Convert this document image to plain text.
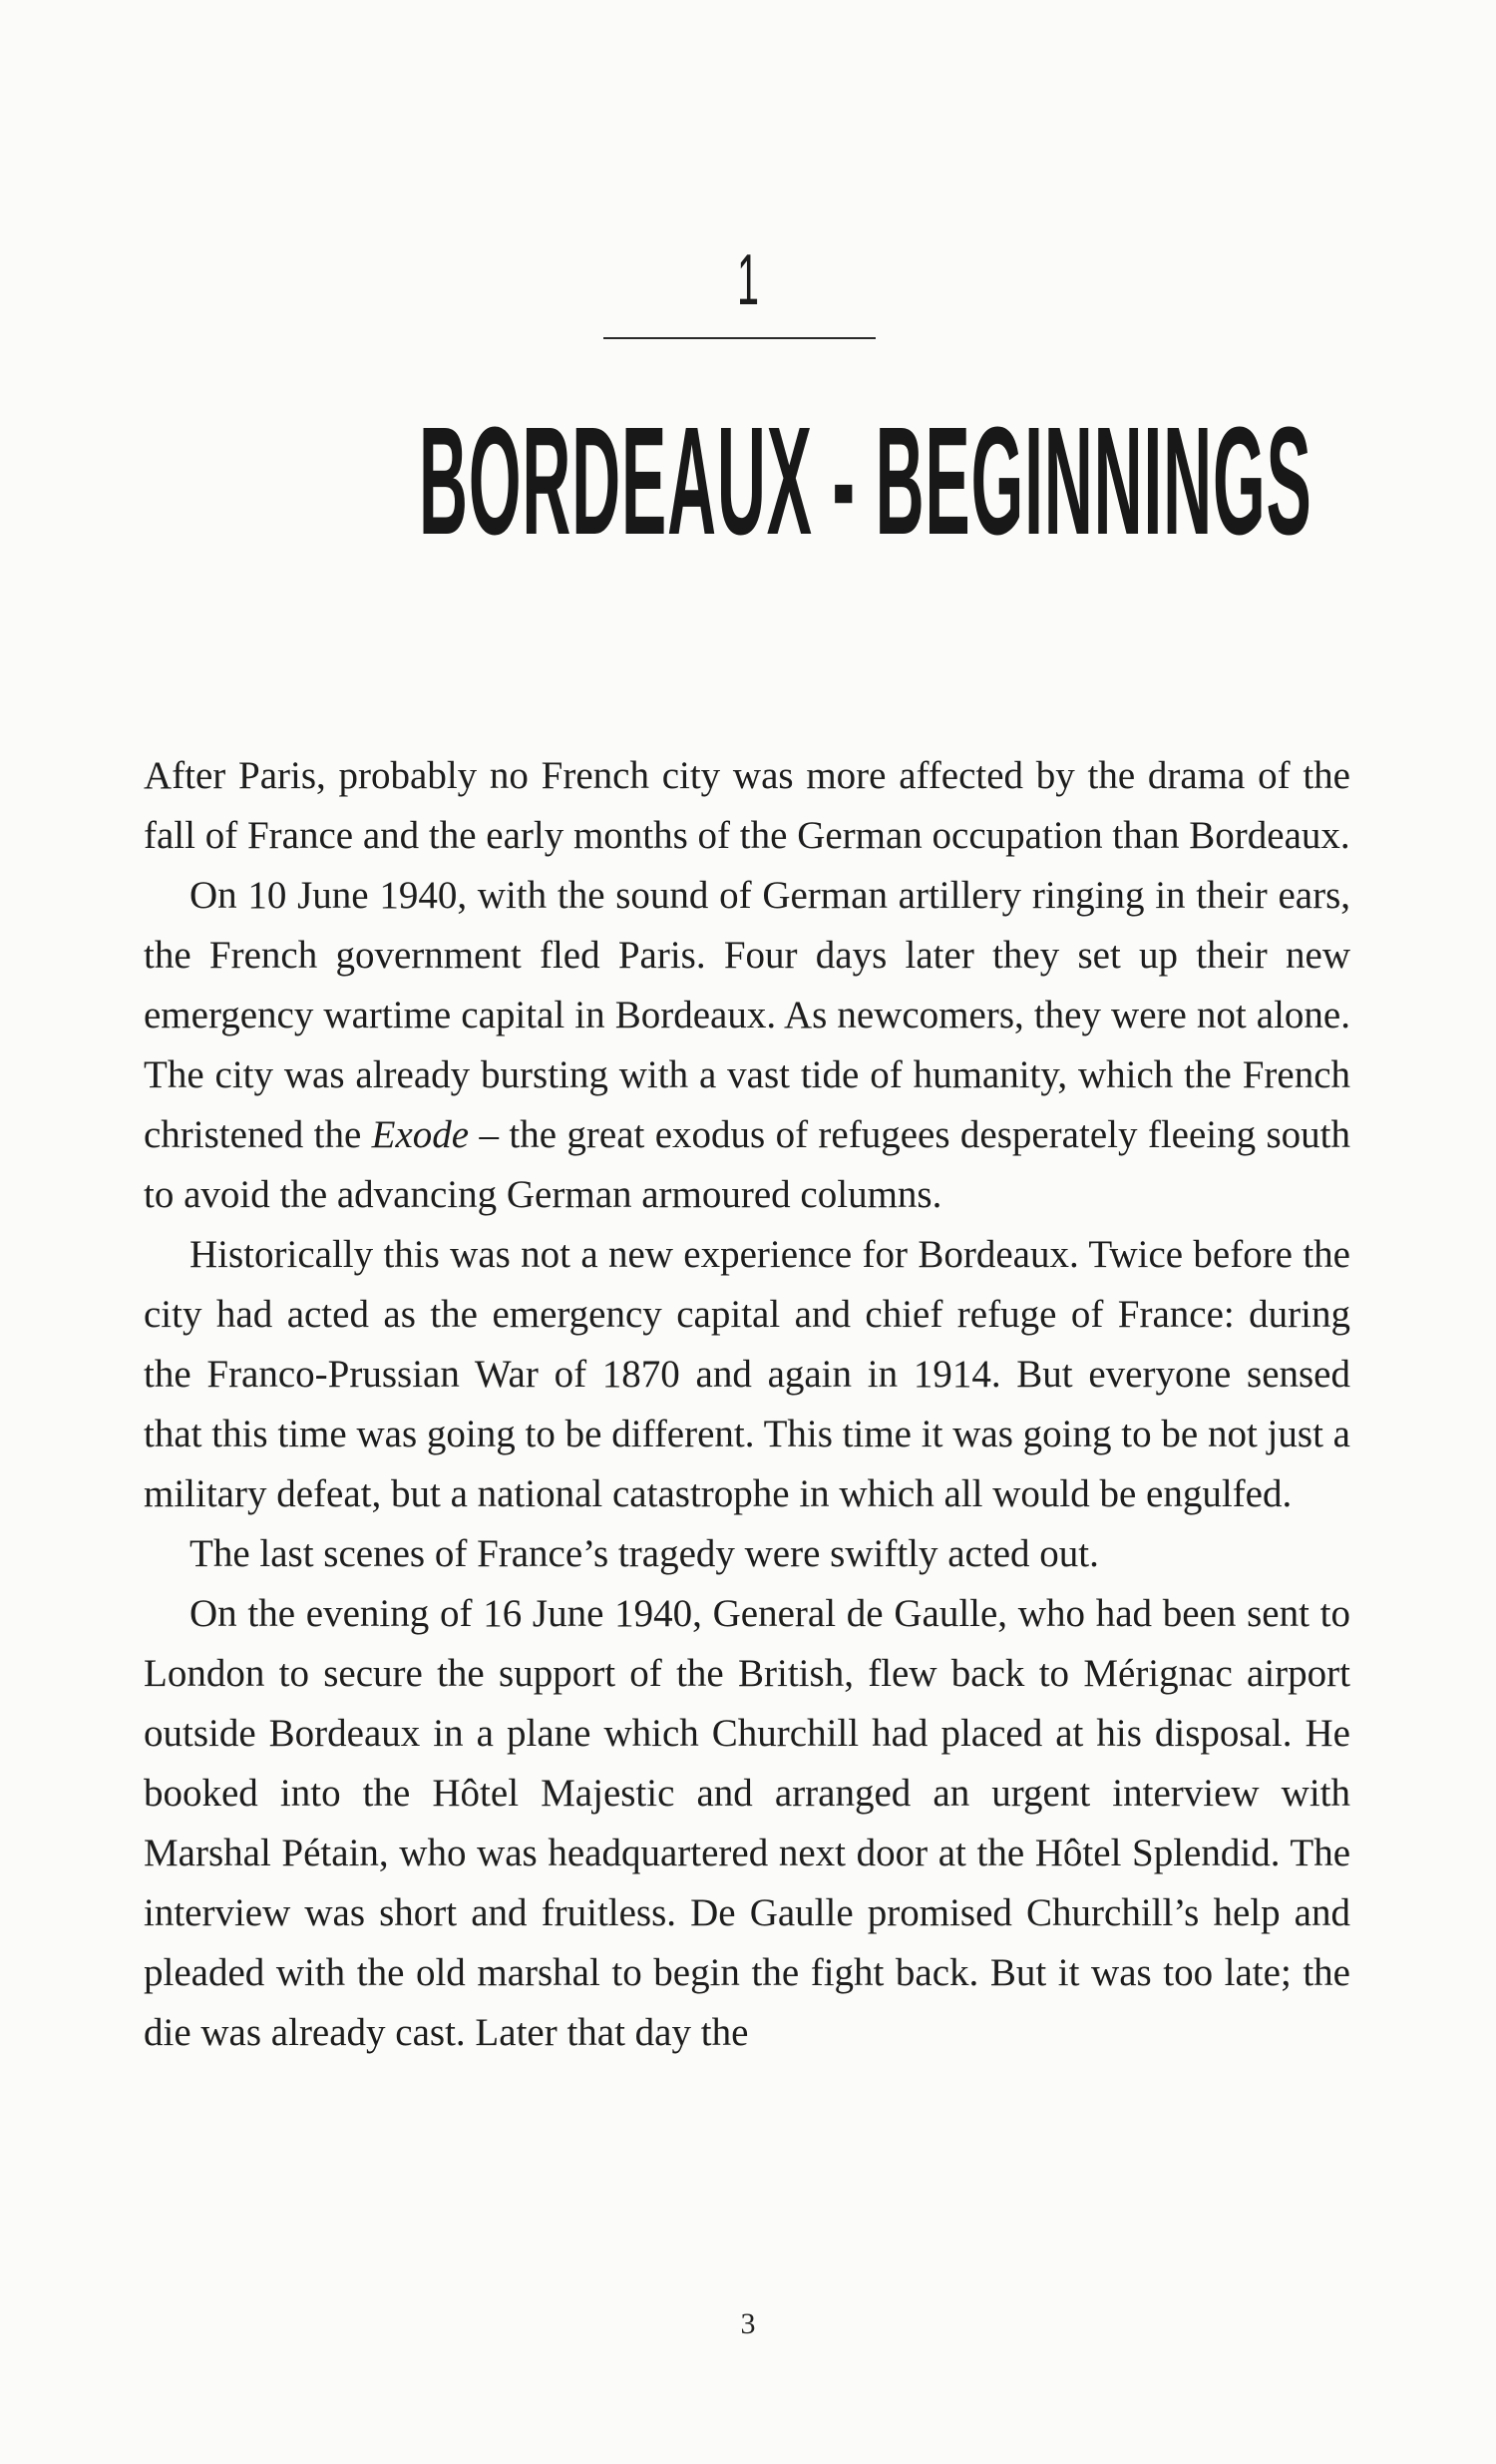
1
BORDEAUX - BEGINNINGS

After Paris, probably no French city was more affected by the drama of the fall of France and the early months of the German occupation than Bordeaux.

On 10 June 1940, with the sound of German artillery ringing in their ears, the French government fled Paris. Four days later they set up their new emergency wartime capital in Bordeaux. As newcomers, they were not alone. The city was already bursting with a vast tide of humanity, which the French christened the Exode – the great exodus of refugees desperately fleeing south to avoid the advancing German armoured columns.

Historically this was not a new experience for Bordeaux. Twice before the city had acted as the emergency capital and chief refuge of France: during the Franco-Prussian War of 1870 and again in 1914. But everyone sensed that this time was going to be different. This time it was going to be not just a military defeat, but a national catastrophe in which all would be engulfed.

The last scenes of France’s tragedy were swiftly acted out.

On the evening of 16 June 1940, General de Gaulle, who had been sent to London to secure the support of the British, flew back to Mérignac airport outside Bordeaux in a plane which Churchill had placed at his disposal. He booked into the Hôtel Majestic and arranged an urgent interview with Marshal Pétain, who was headquartered next door at the Hôtel Splendid. The interview was short and fruitless. De Gaulle promised Churchill’s help and pleaded with the old marshal to begin the fight back. But it was too late; the die was already cast. Later that day the

3
